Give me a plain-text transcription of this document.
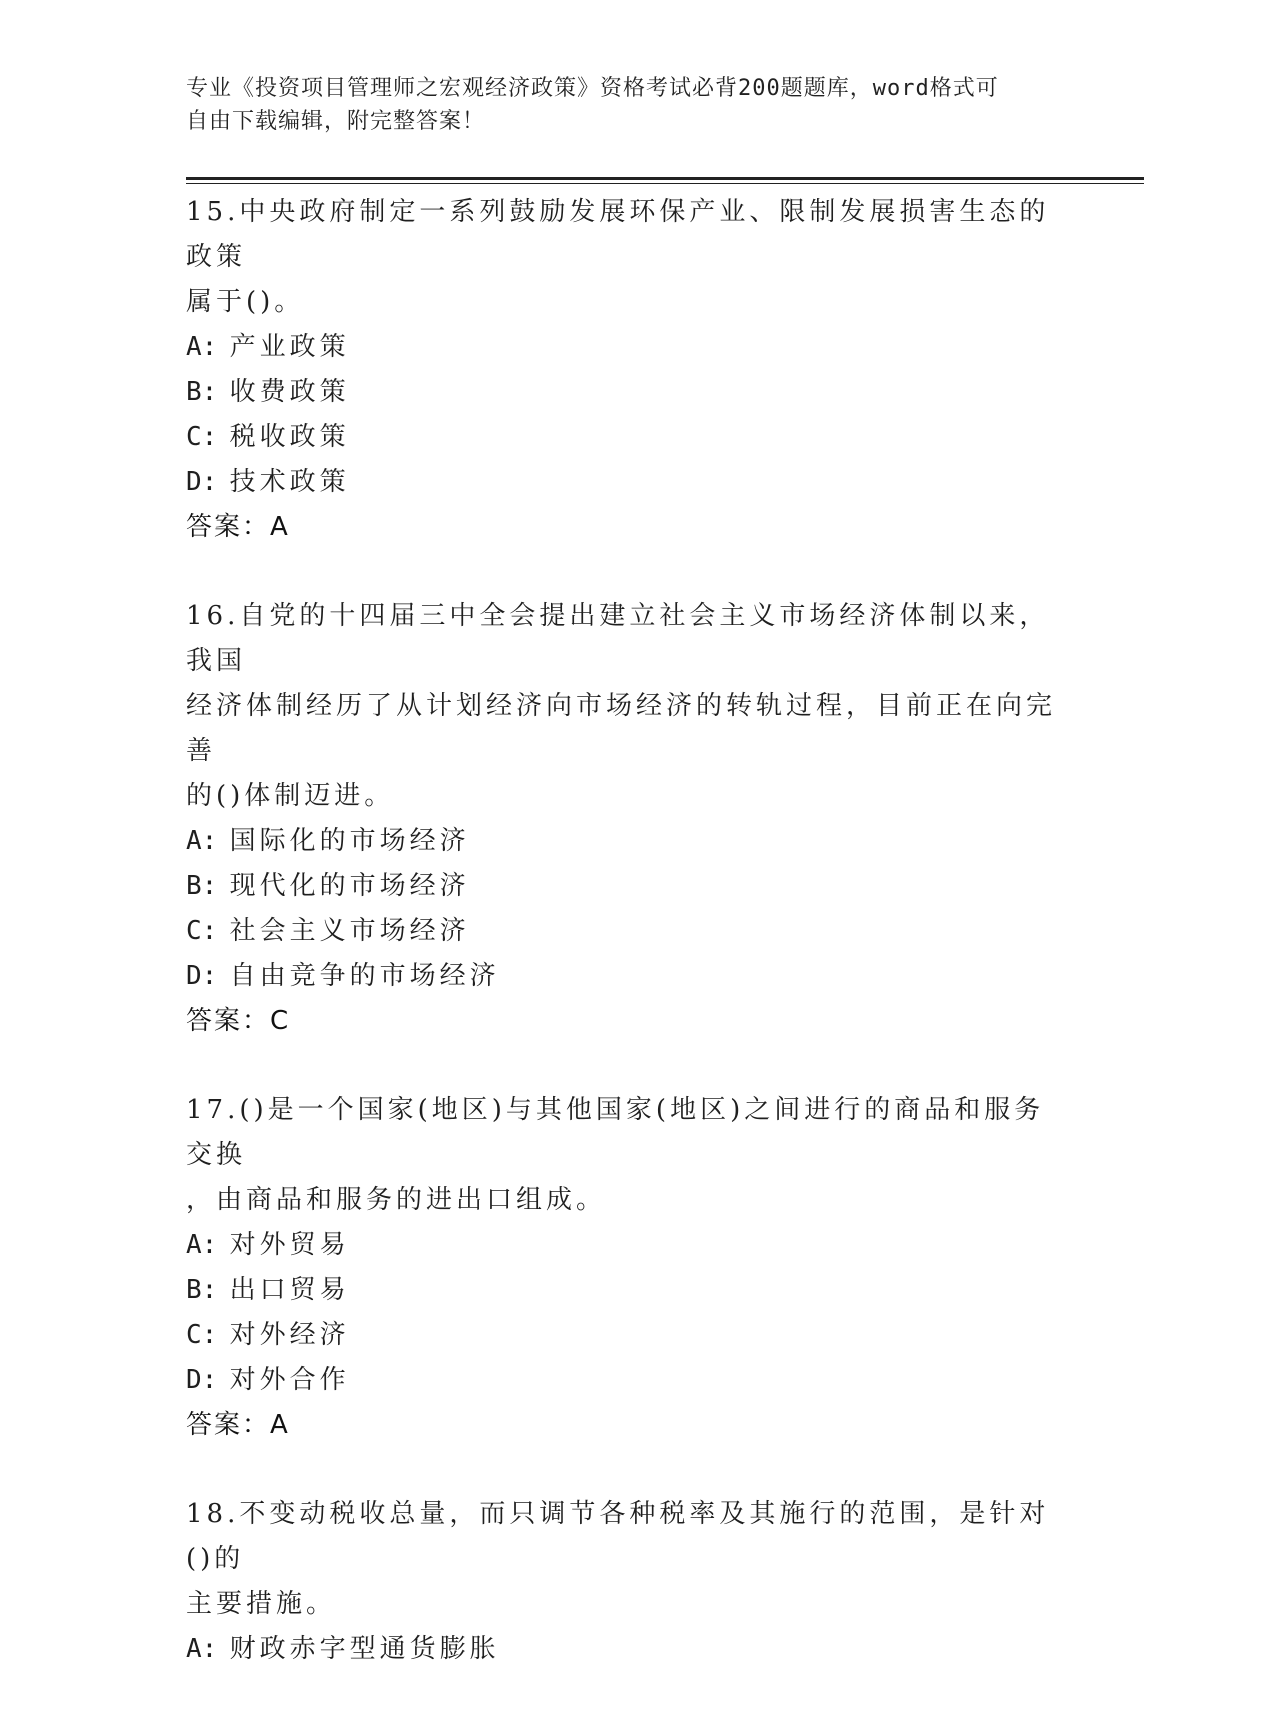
专业《投资项目管理师之宏观经济政策》资格考试必背200题题库，word格式可
自由下载编辑，附完整答案！
15.中央政府制定一系列鼓励发展环保产业、限制发展损害生态的政策
属于()。
A: 产业政策
B: 收费政策
C: 税收政策
D: 技术政策
答案：A
16.自党的十四届三中全会提出建立社会主义市场经济体制以来，我国
经济体制经历了从计划经济向市场经济的转轨过程，目前正在向完善
的()体制迈进。
A: 国际化的市场经济
B: 现代化的市场经济
C: 社会主义市场经济
D: 自由竞争的市场经济
答案：C
17.()是一个国家(地区)与其他国家(地区)之间进行的商品和服务交换
，由商品和服务的进出口组成。
A: 对外贸易
B: 出口贸易
C: 对外经济
D: 对外合作
答案：A
18.不变动税收总量，而只调节各种税率及其施行的范围，是针对()的
主要措施。
A: 财政赤字型通货膨胀
